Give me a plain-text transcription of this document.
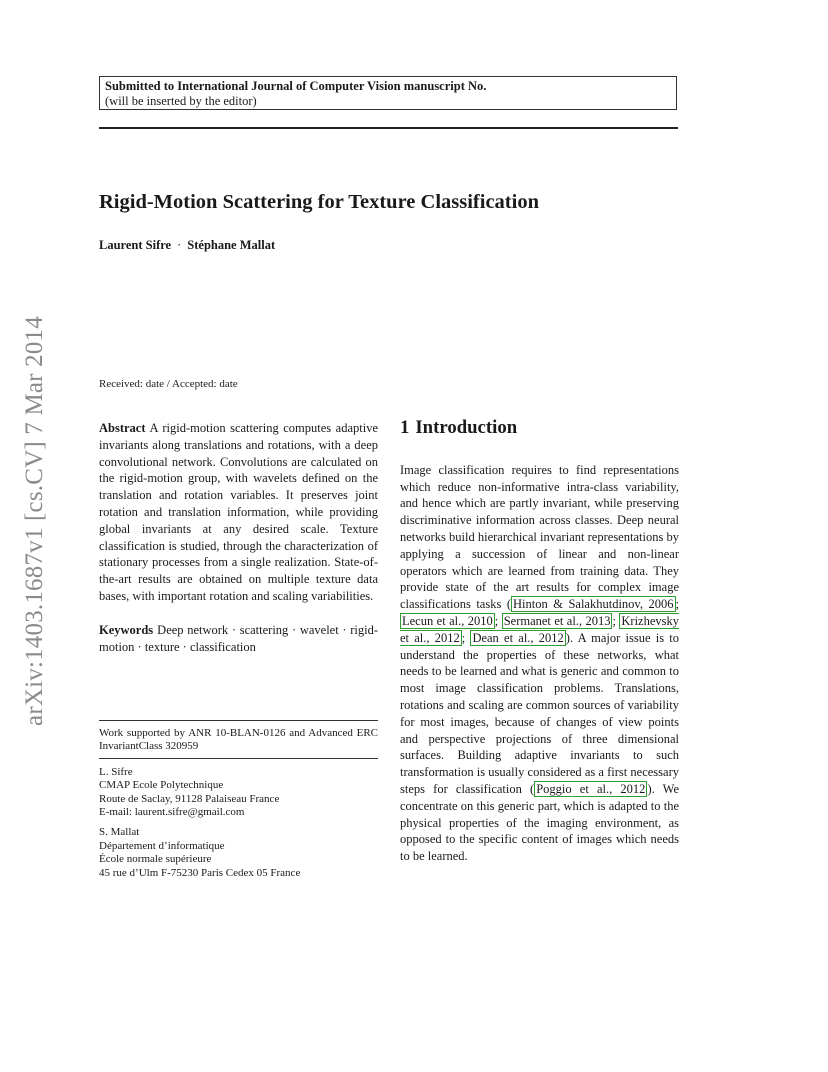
arXiv:1403.1687v1 [cs.CV] 7 Mar 2014
Submitted to International Journal of Computer Vision manuscript No.
(will be inserted by the editor)
Rigid-Motion Scattering for Texture Classification
Laurent Sifre · Stéphane Mallat
Received: date / Accepted: date

Abstract A rigid-motion scattering computes adaptive invariants along translations and rotations, with a deep convolutional network. Convolutions are calculated on the rigid-motion group, with wavelets defined on the translation and rotation variables. It preserves joint rotation and translation information, while providing global invariants at any desired scale. Texture classification is studied, through the characterization of stationary processes from a single realization. State-of-the-art results are obtained on multiple texture data bases, with important rotation and scaling variabilities.

Keywords Deep network · scattering · wavelet · rigid-motion · texture · classification

Work supported by ANR 10-BLAN-0126 and Advanced ERC InvariantClass 320959
L. Sifre
CMAP Ecole Polytechnique
Route de Saclay, 91128 Palaiseau France
E-mail: laurent.sifre@gmail.com
S. Mallat
Département d’informatique
École normale supérieure
45 rue d’Ulm F-75230 Paris Cedex 05 France
1 Introduction

Image classification requires to find representations which reduce non-informative intra-class variability, and hence which are partly invariant, while preserving discriminative information across classes. Deep neural networks build hierarchical invariant representations by applying a succession of linear and non-linear operators which are learned from training data. They provide state of the art results for complex image classifications tasks ( Hinton & Salakhutdinov, 2006 ; Lecun et al., 2010 ; Sermanet et al., 2013 ; Krizhevsky et al., 2012 ; Dean et al., 2012 ). A major issue is to understand the properties of these networks, what needs to be learned and what is generic and common to most image classification problems. Translations, rotations and scaling are common sources of variability for most images, because of changes of view points and perspective projections of three dimensional surfaces. Building adaptive invariants to such transformation is usually considered as a first necessary steps for classification ( Poggio et al., 2012 ). We concentrate on this generic part, which is adapted to the physical properties of the imaging environment, as opposed to the specific content of images which needs to be learned.
